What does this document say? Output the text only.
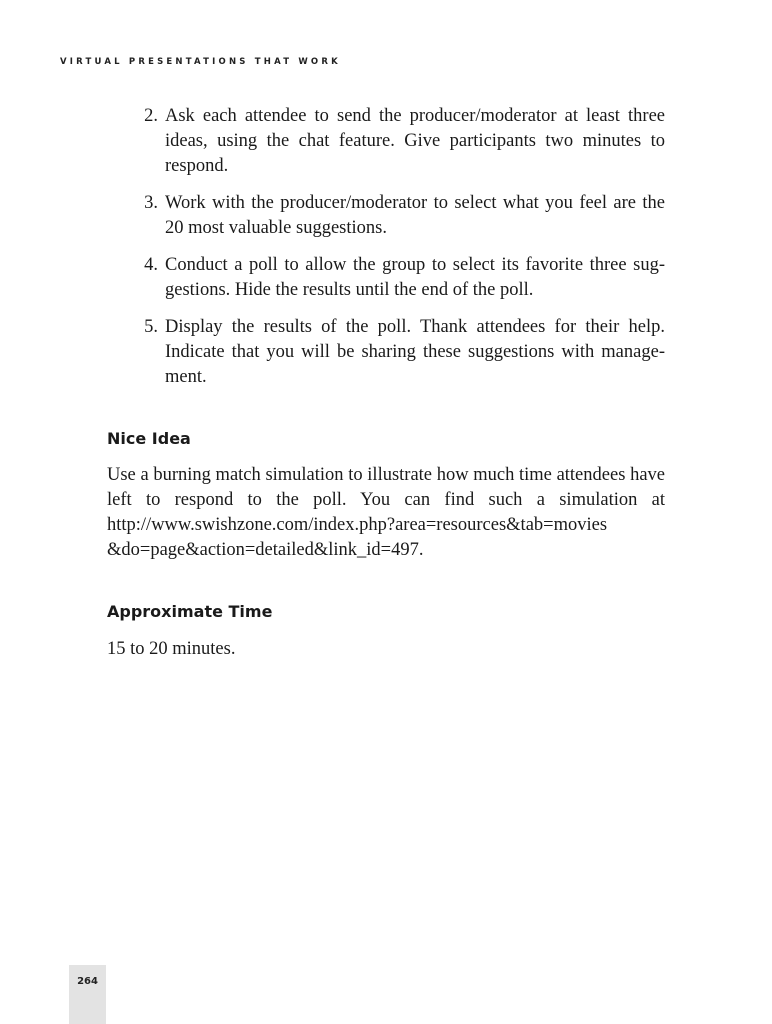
VIRTUAL PRESENTATIONS THAT WORK
2. Ask each attendee to send the producer/moderator at least three ideas, using the chat feature. Give participants two minutes to respond.
3. Work with the producer/moderator to select what you feel are the 20 most valuable suggestions.
4. Conduct a poll to allow the group to select its favorite three suggestions. Hide the results until the end of the poll.
5. Display the results of the poll. Thank attendees for their help. Indicate that you will be sharing these suggestions with management.
Nice Idea

Use a burning match simulation to illustrate how much time attendees have left to respond to the poll. You can find such a simulation at http://www.swishzone.com/index.php?area=resources&tab=movies &do=page&action=detailed&link_id=497.

Approximate Time

15 to 20 minutes.

264
